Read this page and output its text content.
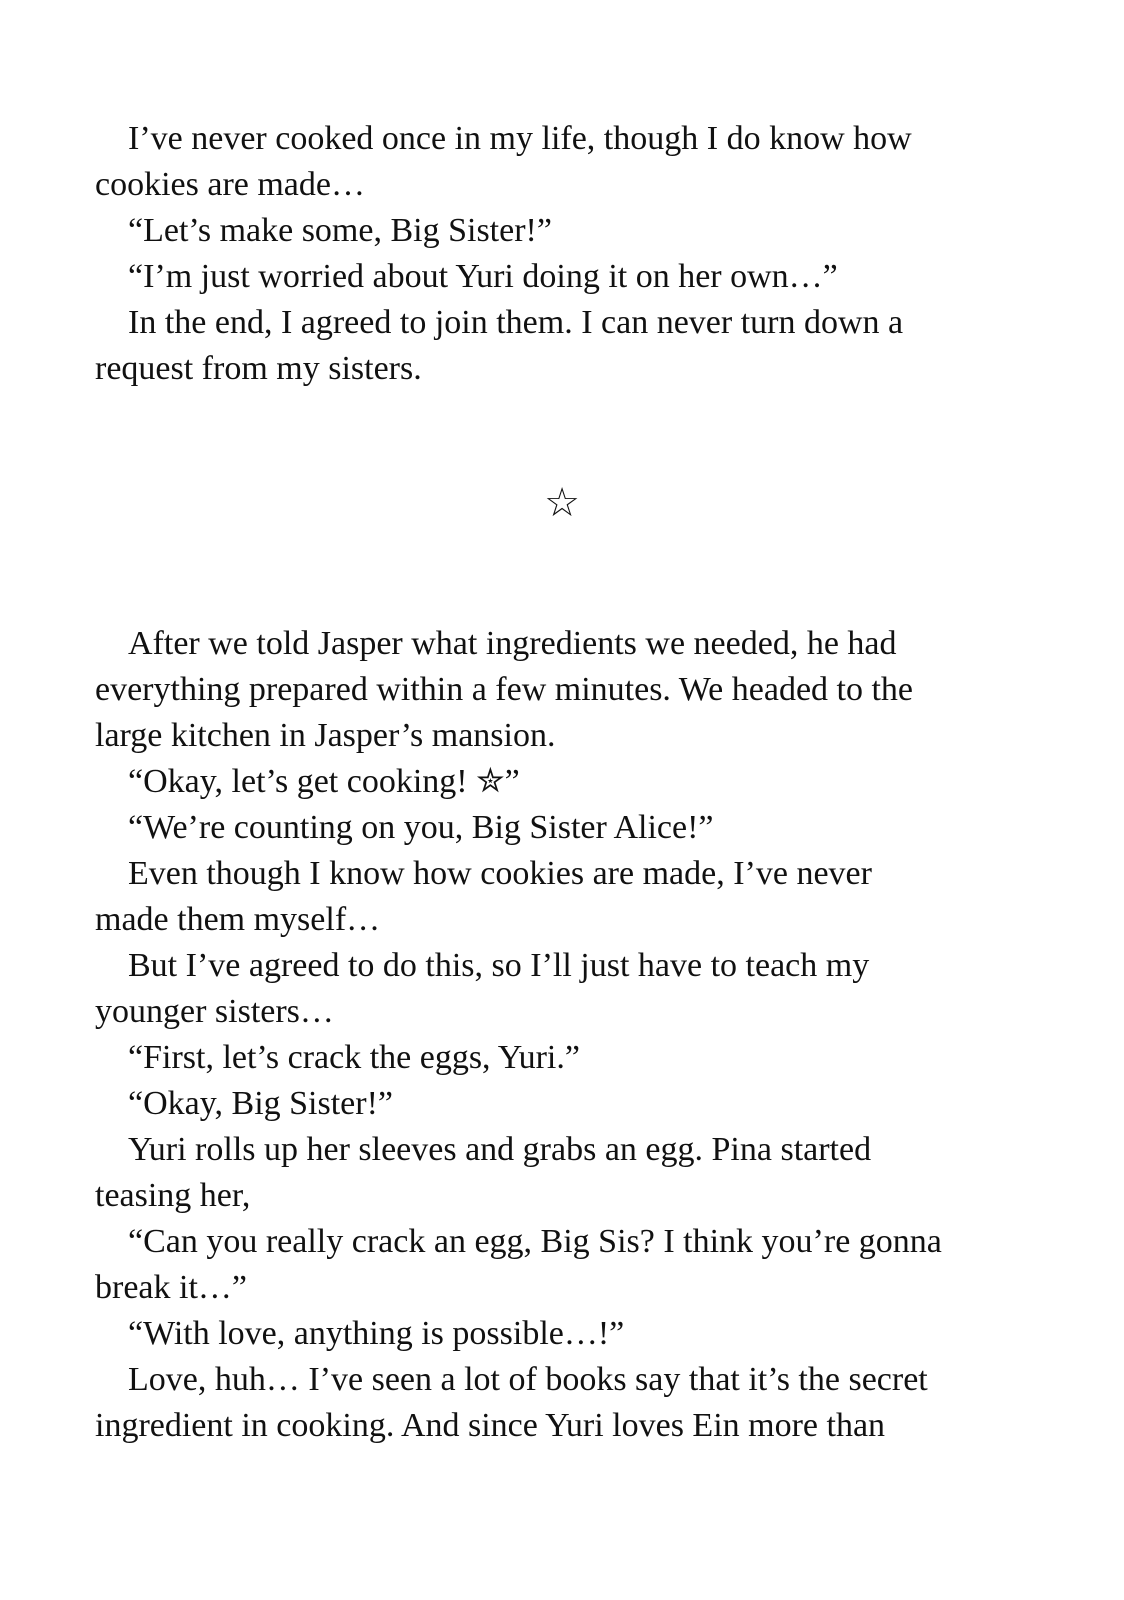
I’ve never cooked once in my life, though I do know how
cookies are made…

“Let’s make some, Big Sister!”

“I’m just worried about Yuri doing it on her own…”

In the end, I agreed to join them. I can never turn down a
request from my sisters.

☆

After we told Jasper what ingredients we needed, he had
everything prepared within a few minutes. We headed to the
large kitchen in Jasper’s mansion.

“Okay, let’s get cooking! ✮”

“We’re counting on you, Big Sister Alice!”

Even though I know how cookies are made, I’ve never
made them myself…

But I’ve agreed to do this, so I’ll just have to teach my
younger sisters…

“First, let’s crack the eggs, Yuri.”

“Okay, Big Sister!”

Yuri rolls up her sleeves and grabs an egg. Pina started
teasing her,

“Can you really crack an egg, Big Sis? I think you’re gonna
break it…”

“With love, anything is possible…!”

Love, huh… I’ve seen a lot of books say that it’s the secret
ingredient in cooking. And since Yuri loves Ein more than
